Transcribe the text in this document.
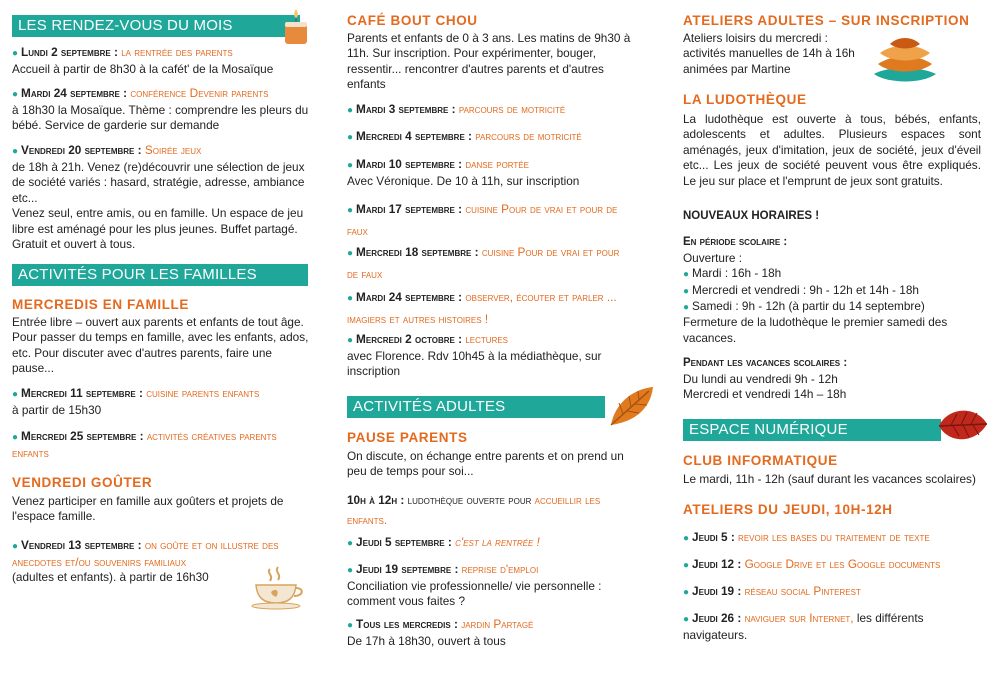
LES RENDEZ-VOUS DU MOIS

● Lundi 2 septembre : la rentrée des parents

Accueil à partir de 8h30 à la cafét' de la Mosaïque

● Mardi 24 septembre : conférence Devenir parents

à 18h30 la Mosaïque. Thème : comprendre les pleurs du bébé. Service de garderie sur demande

● Vendredi 20 septembre : Soirée jeux

de 18h à 21h. Venez (re)découvrir une sélection de jeux de société variés : hasard, stratégie, adresse, ambiance etc...

Venez seul, entre amis, ou en famille. Un espace de jeu libre est aménagé pour les plus jeunes. Buffet partagé. Gratuit et ouvert à tous.

ACTIVITÉS POUR LES FAMILLES
MERCREDIS EN FAMILLE

Entrée libre – ouvert aux parents et enfants de tout âge. Pour passer du temps en famille, avec les enfants, ados, etc. Pour discuter avec d'autres parents, faire une pause...

● Mercredi 11 septembre : cuisine parents enfants

à partir de 15h30

● Mercredi 25 septembre : activités créatives parents enfants

VENDREDI GOÛTER

Venez participer en famille aux goûters et projets de l'espace famille.

● Vendredi 13 septembre : on goûte et on illustre des anecdotes et/ou souvenirs familiaux

(adultes et enfants). à partir de 16h30

CAFÉ BOUT CHOU

Parents et enfants de 0 à 3 ans. Les matins de 9h30 à 11h. Sur inscription. Pour expérimenter, bouger, ressentir... rencontrer d'autres parents et d'autres enfants

● Mardi 3 septembre : parcours de motricité

● Mercredi 4 septembre : parcours de motricité

● Mardi 10 septembre : danse portée

Avec Véronique. De 10 à 11h, sur inscription

● Mardi 17 septembre : cuisine Pour de vrai et pour de faux

● Mercredi 18 septembre : cuisine Pour de vrai et pour de faux

● Mardi 24 septembre : observer, écouter et parler ... imagiers et autres histoires !

● Mercredi 2 octobre : lectures

avec Florence. Rdv 10h45 à la médiathèque, sur inscription

ACTIVITÉS ADULTES
PAUSE PARENTS

On discute, on échange entre parents et on prend un peu de temps pour soi...

10h à 12h : ludothèque ouverte pour accueillir les enfants.

● Jeudi 5 septembre : c'est la rentrée !

● Jeudi 19 septembre : reprise d'emploi

Conciliation vie professionnelle/ vie personnelle : comment vous faites ?

● Tous les mercredis : jardin Partagé

De 17h à 18h30, ouvert à tous

ATELIERS ADULTES – SUR INSCRIPTION

Ateliers loisirs du mercredi : activités manuelles de 14h à 16h animées par Martine

LA LUDOTHÈQUE

La ludothèque est ouverte à tous, bébés, enfants, adolescents et adultes. Plusieurs espaces sont aménagés, jeux d'imitation, jeux de société, jeux d'éveil etc... Les jeux de société peuvent vous être expliqués. Le jeu sur place et l'emprunt de jeux sont gratuits.

NOUVEAUX HORAIRES !
En période scolaire :

Ouverture :

● Mardi : 16h - 18h

● Mercredi et vendredi : 9h - 12h et 14h - 18h

● Samedi : 9h - 12h (à partir du 14 septembre)

Fermeture de la ludothèque le premier samedi des vacances.

Pendant les vacances scolaires :

Du lundi au vendredi 9h - 12h

Mercredi et vendredi 14h – 18h

ESPACE NUMÉRIQUE
CLUB INFORMATIQUE

Le mardi, 11h - 12h (sauf durant les vacances scolaires)

ATELIERS DU JEUDI, 10H-12H

● Jeudi 5 : revoir les bases du traitement de texte

● Jeudi 12 : Google Drive et les Google documents

● Jeudi 19 : réseau social Pinterest

● Jeudi 26 : naviguer sur Internet, les différents navigateurs.
